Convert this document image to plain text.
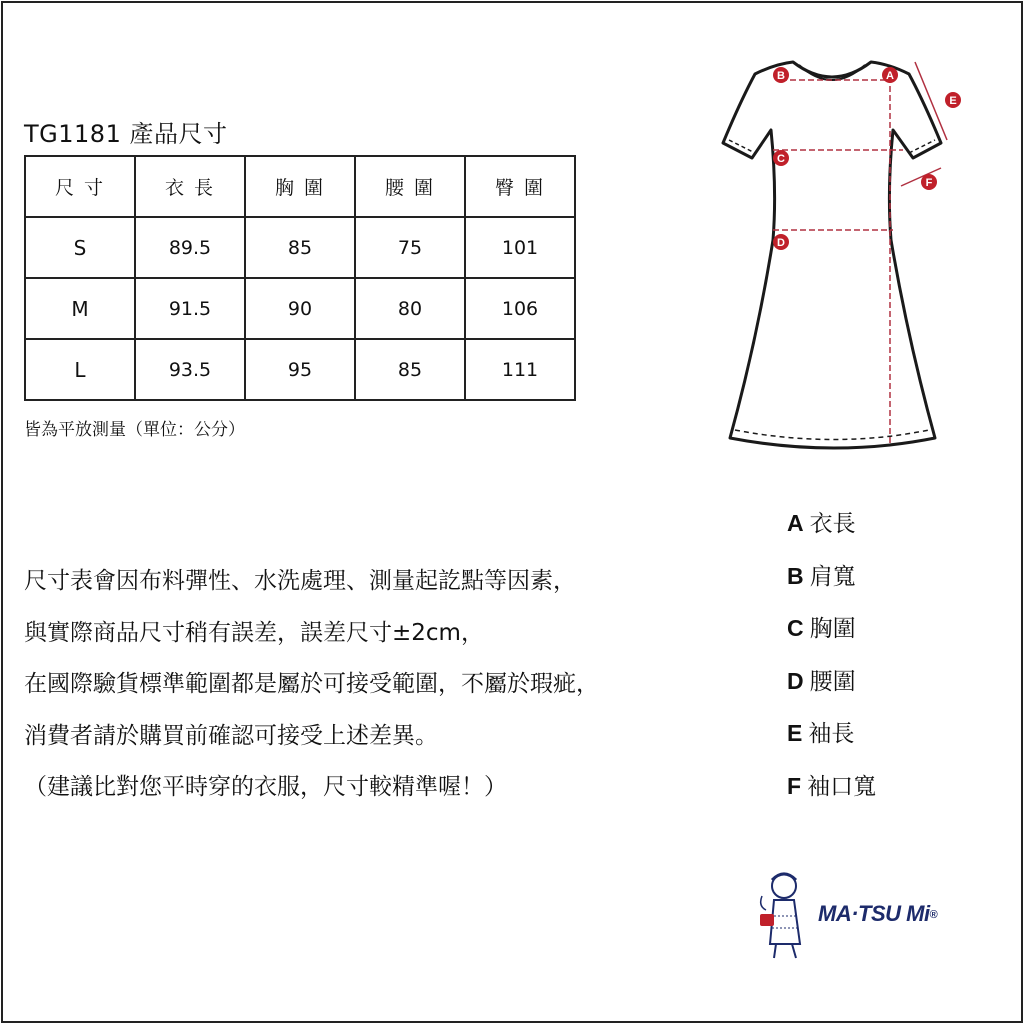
TG1181 產品尺寸
尺寸	衣長	胸圍	腰圍	臀圍
S	89.5	85	75	101
M	91.5	90	80	106
L	93.5	95	85	111
皆為平放測量（單位：公分）
尺寸表會因布料彈性、水洗處理、測量起訖點等因素，
與實際商品尺寸稍有誤差，誤差尺寸±2cm，
在國際驗貨標準範圍都是屬於可接受範圍，不屬於瑕疵，
消費者請於購買前確認可接受上述差異。
（建議比對您平時穿的衣服，尺寸較精準喔！）
A 衣長
B 肩寬
C 胸圍
D 腰圍
E 袖長
F 袖口寬
A
B
C
D
E
F
MA·TSU Mi®
